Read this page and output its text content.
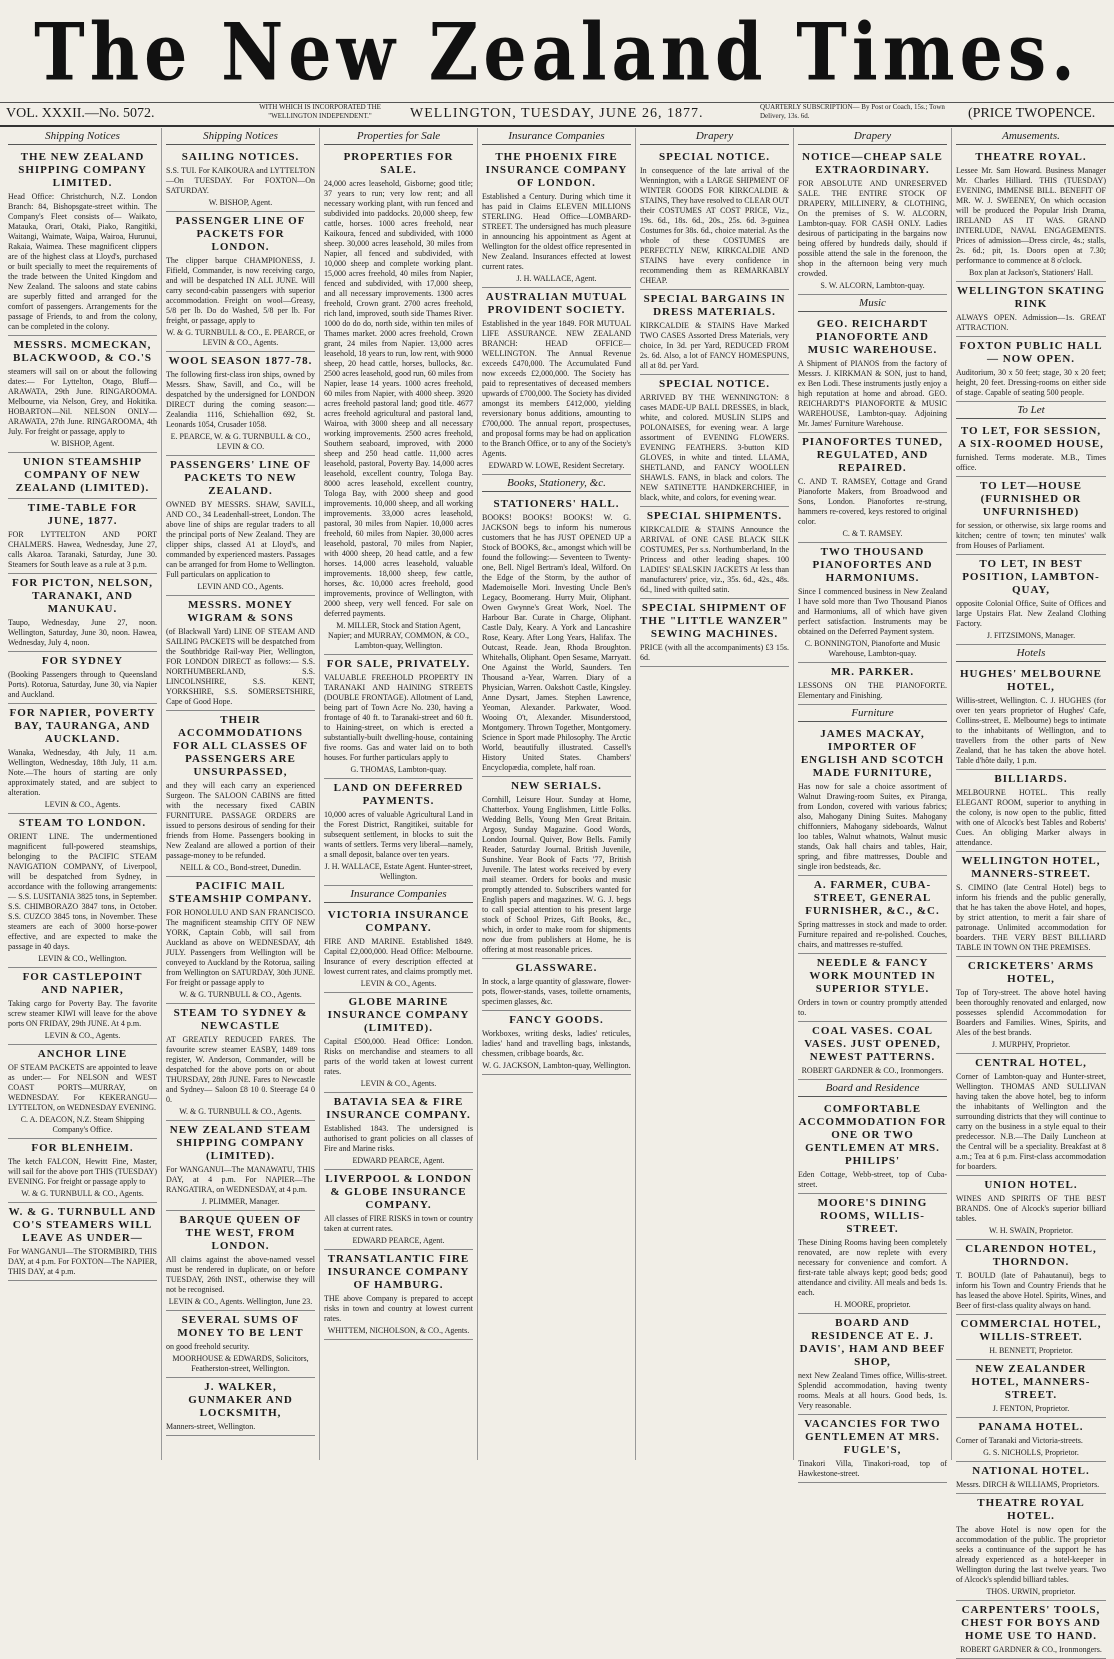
The New Zealand Times.
VOL. XXXII.—No. 5072.	WITH WHICH IS INCORPORATED THE "WELLINGTON INDEPENDENT."	WELLINGTON, TUESDAY, JUNE 26, 1877.	QUARTERLY SUBSCRIPTION— By Post or Coach, 15s.; Town Delivery, 13s. 6d.	(PRICE TWOPENCE.
Shipping Notices
THE NEW ZEALAND SHIPPING COMPANY LIMITED.
Head Office: Christchurch, N.Z. London Branch: 84, Bishopsgate-street within. The Company's Fleet consists of— Waikato, Matauka, Orari, Otaki, Piako, Rangitiki, Waitangi, Waimate, Waipa, Wairoa, Hurunui, Rakaia, Waimea. These magnificent clippers are of the highest class at Lloyd's, purchased or built specially to meet the requirements of the trade between the United Kingdom and New Zealand. The saloons and state cabins are superbly fitted and arranged for the comfort of passengers. Arrangements for the passage of Friends, to and from the colony, can be completed in the colony.
MESSRS. MCMECKAN, BLACKWOOD, & CO.'S
steamers will sail on or about the following dates:— For Lyttelton, Otago, Bluff—ARAWATA, 29th June. RINGAROOMA. Melbourne, via Nelson, Grey, and Hokitika. HOBARTON—Nil. NELSON ONLY— ARAWATA, 27th June. RINGAROOMA, 4th July. For freight or passage, apply to
W. BISHOP, Agent.
UNION STEAMSHIP COMPANY OF NEW ZEALAND (LIMITED).
TIME-TABLE FOR JUNE, 1877.
FOR LYTTELTON AND PORT CHALMERS. Hawea, Wednesday, June 27, calls Akaroa. Taranaki, Saturday, June 30. Steamers for South leave as a rule at 3 p.m.
FOR PICTON, NELSON, TARANAKI, AND MANUKAU.
Taupo, Wednesday, June 27, noon. Wellington, Saturday, June 30, noon. Hawea, Wednesday, July 4, noon.
FOR SYDNEY
(Booking Passengers through to Queensland Ports). Rotorua, Saturday, June 30, via Napier and Auckland.
FOR NAPIER, POVERTY BAY, TAURANGA, AND AUCKLAND.
Wanaka, Wednesday, 4th July, 11 a.m. Wellington, Wednesday, 18th July, 11 a.m. Note.—The hours of starting are only approximately stated, and are subject to alteration.
LEVIN & CO., Agents.
STEAM TO LONDON.
ORIENT LINE. The undermentioned magnificent full-powered steamships, belonging to the PACIFIC STEAM NAVIGATION COMPANY, of Liverpool, will be despatched from Sydney, in accordance with the following arrangements:— S.S. LUSITANIA 3825 tons, in September. S.S. CHIMBORAZO 3847 tons, in October. S.S. CUZCO 3845 tons, in November. These steamers are each of 3000 horse-power effective, and are expected to make the passage in 40 days.
LEVIN & CO., Wellington.
FOR CASTLEPOINT AND NAPIER,
Taking cargo for Poverty Bay. The favorite screw steamer KIWI will leave for the above ports ON FRIDAY, 29th JUNE. At 4 p.m.
LEVIN & CO., Agents.
ANCHOR LINE
OF STEAM PACKETS are appointed to leave as under:— For NELSON and WEST COAST PORTS—MURRAY, on WEDNESDAY. For KEKERANGU—LYTTELTON, on WEDNESDAY EVENING.
C. A. DEACON, N.Z. Steam Shipping Company's Office.
FOR BLENHEIM.
The ketch FALCON, Hewitt Fine, Master, will sail for the above port THIS (TUESDAY) EVENING. For freight or passage apply to
W. & G. TURNBULL & CO., Agents.
W. & G. TURNBULL AND CO'S STEAMERS WILL LEAVE AS UNDER—
For WANGANUI—The STORMBIRD, THIS DAY, at 4 p.m. For FOXTON—The NAPIER, THIS DAY, at 4 p.m.
Shipping Notices
SAILING NOTICES.
S.S. TUI. For KAIKOURA and LYTTELTON—On TUESDAY. For FOXTON—On SATURDAY.
W. BISHOP, Agent.
PASSENGER LINE OF PACKETS FOR LONDON.
The clipper barque CHAMPIONESS, J. Fifield, Commander, is now receiving cargo, and will be despatched IN ALL JUNE. Will carry second-cabin passengers with superior accommodation. Freight on wool—Greasy, 5/8 per lb. Do do Washed, 5/8 per lb. For freight, or passage, apply to
W. & G. TURNBULL & CO., E. PEARCE, or LEVIN & CO., Agents.
WOOL SEASON 1877-78.
The following first-class iron ships, owned by Messrs. Shaw, Savill, and Co., will be despatched by the undersigned for LONDON DIRECT during the coming season:— Zealandia 1116, Schiehallion 692, St. Leonards 1054, Crusader 1058.
E. PEARCE, W. & G. TURNBULL & CO., LEVIN & CO.
PASSENGERS' LINE OF PACKETS TO NEW ZEALAND.
OWNED BY MESSRS. SHAW, SAVILL, AND CO., 34 Leadenhall-street, London. The above line of ships are regular traders to all the principal ports of New Zealand. They are clipper ships, classed A1 at Lloyd's, and commanded by experienced masters. Passages can be arranged for from Home to Wellington. Full particulars on application to
LEVIN AND CO., Agents.
MESSRS. MONEY WIGRAM & SONS
(of Blackwall Yard) LINE OF STEAM AND SAILING PACKETS will be despatched from the Southbridge Rail-way Pier, Wellington, FOR LONDON DIRECT as follows:— S.S. NORTHUMBERLAND, S.S. LINCOLNSHIRE, S.S. KENT, YORKSHIRE, S.S. SOMERSETSHIRE, Cape of Good Hope.
THEIR ACCOMMODATIONS FOR ALL CLASSES OF PASSENGERS ARE UNSURPASSED,
and they will each carry an experienced Surgeon. The SALOON CABINS are fitted with the necessary fixed CABIN FURNITURE. PASSAGE ORDERS are issued to persons desirous of sending for their friends from Home. Passengers booking in New Zealand are allowed a portion of their passage-money to be refunded.
NEILL & CO., Bond-street, Dunedin.
PACIFIC MAIL STEAMSHIP COMPANY.
FOR HONOLULU AND SAN FRANCISCO. The magnificent steamship CITY OF NEW YORK, Captain Cobb, will sail from Auckland as above on WEDNESDAY, 4th JULY. Passengers from Wellington will be conveyed to Auckland by the Rotorua, sailing from Wellington on SATURDAY, 30th JUNE. For freight or passage apply to
W. & G. TURNBULL & CO., Agents.
STEAM TO SYDNEY & NEWCASTLE
AT GREATLY REDUCED FARES. The favourite screw steamer EASBY, 1489 tons register, W. Anderson, Commander, will be despatched for the above ports on or about THURSDAY, 28th JUNE. Fares to Newcastle and Sydney— Saloon £8 10 0. Steerage £4 0 0.
W. & G. TURNBULL & CO., Agents.
NEW ZEALAND STEAM SHIPPING COMPANY (LIMITED).
For WANGANUI—The MANAWATU, THIS DAY, at 4 p.m. For NAPIER—The RANGATIRA, on WEDNESDAY, at 4 p.m.
J. PLIMMER, Manager.
BARQUE QUEEN OF THE WEST, FROM LONDON.
All claims against the above-named vessel must be rendered in duplicate, on or before TUESDAY, 26th INST., otherwise they will not be recognised.
LEVIN & CO., Agents. Wellington, June 23.
SEVERAL SUMS OF MONEY TO BE LENT
on good freehold security.
MOORHOUSE & EDWARDS, Solicitors, Featherston-street, Wellington.
J. WALKER, GUNMAKER AND LOCKSMITH,
Manners-street, Wellington.
Properties for Sale
PROPERTIES FOR SALE.
24,000 acres leasehold, Gisborne; good title; 37 years to run; very low rent; and all necessary working plant, with run fenced and subdivided into paddocks. 20,000 sheep, few cattle, horses. 1000 acres freehold, near Kaikoura, fenced and subdivided, with 1000 sheep. 30,000 acres leasehold, 30 miles from Napier, all fenced and subdivided, with 10,000 sheep and complete working plant. 15,000 acres freehold, 40 miles from Napier, fenced and subdivided, with 17,000 sheep, and all necessary improvements. 1300 acres freehold, Crown grant. 2700 acres freehold, rich land, improved, south side Thames River. 1000 do do do, north side, within ten miles of Thames market. 2000 acres freehold, Crown grant, 24 miles from Napier. 13,000 acres leasehold, 18 years to run, low rent, with 9000 sheep, 20 head cattle, horses, bullocks, &c. 2500 acres leasehold, good run, 60 miles from Napier, lease 14 years. 1000 acres freehold, 60 miles from Napier, with 4000 sheep. 3920 acres freehold pastoral land; good title. 4677 acres freehold agricultural and pastoral land, Wairoa, with 3000 sheep and all necessary working improvements. 2500 acres freehold, Southern seaboard, improved, with 2000 sheep and 250 head cattle. 11,000 acres leasehold, pastoral, Poverty Bay. 14,000 acres leasehold, excellent country, Tologa Bay. 8000 acres leasehold, excellent country, Tologa Bay, with 2000 sheep and good improvements. 10,000 sheep, and all working improvements. 33,000 acres leasehold, pastoral, 30 miles from Napier. 10,000 acres freehold, 60 miles from Napier. 30,000 acres leasehold, pastoral, 70 miles from Napier, with 4000 sheep, 20 head cattle, and a few horses. 14,000 acres leasehold, valuable improvements. 18,000 sheep, few cattle, horses, &c. 10,000 acres freehold, good improvements, province of Wellington, with 2000 sheep, very well fenced. For sale on deferred payments.
M. MILLER, Stock and Station Agent, Napier; and MURRAY, COMMON, & CO., Lambton-quay, Wellington.
FOR SALE, PRIVATELY.
VALUABLE FREEHOLD PROPERTY IN TARANAKI AND HAINING STREETS (DOUBLE FRONTAGE). Allotment of Land, being part of Town Acre No. 230, having a frontage of 40 ft. to Taranaki-street and 60 ft. to Haining-street, on which is erected a substantially-built dwelling-house, containing five rooms. Gas and water laid on to both houses. For further particulars apply to
G. THOMAS, Lambton-quay.
LAND ON DEFERRED PAYMENTS.
10,000 acres of valuable Agricultural Land in the Forest District, Rangitikei, suitable for subsequent settlement, in blocks to suit the wants of settlers. Terms very liberal—namely, a small deposit, balance over ten years.
J. H. WALLACE, Estate Agent. Hunter-street, Wellington.
Insurance Companies
VICTORIA INSURANCE COMPANY.
FIRE AND MARINE. Established 1849. Capital £2,000,000. Head Office: Melbourne. Insurance of every description effected at lowest current rates, and claims promptly met.
LEVIN & CO., Agents.
GLOBE MARINE INSURANCE COMPANY (LIMITED).
Capital £500,000. Head Office: London. Risks on merchandise and steamers to all parts of the world taken at lowest current rates.
LEVIN & CO., Agents.
BATAVIA SEA & FIRE INSURANCE COMPANY.
Established 1843. The undersigned is authorised to grant policies on all classes of Fire and Marine risks.
EDWARD PEARCE, Agent.
LIVERPOOL & LONDON & GLOBE INSURANCE COMPANY.
All classes of FIRE RISKS in town or country taken at current rates.
EDWARD PEARCE, Agent.
TRANSATLANTIC FIRE INSURANCE COMPANY OF HAMBURG.
THE above Company is prepared to accept risks in town and country at lowest current rates.
WHITTEM, NICHOLSON, & CO., Agents.
Insurance Companies
THE PHOENIX FIRE INSURANCE COMPANY OF LONDON.
Established a Century. During which time it has paid in Claims ELEVEN MILLIONS STERLING. Head Office—LOMBARD-STREET. The undersigned has much pleasure in announcing his appointment as Agent at Wellington for the oldest office represented in New Zealand. Insurances effected at lowest current rates.
J. H. WALLACE, Agent.
AUSTRALIAN MUTUAL PROVIDENT SOCIETY.
Established in the year 1849. FOR MUTUAL LIFE ASSURANCE. NEW ZEALAND BRANCH: HEAD OFFICE—WELLINGTON. The Annual Revenue exceeds £470,000. The Accumulated Fund now exceeds £2,000,000. The Society has paid to representatives of deceased members upwards of £700,000. The Society has divided amongst its members £412,000, yielding reversionary bonus additions, amounting to £700,000. The annual report, prospectuses, and proposal forms may be had on application to the Branch Office, or to any of the Society's Agents.
EDWARD W. LOWE, Resident Secretary.
Books, Stationery, &c.
STATIONERS' HALL.
BOOKS! BOOKS! BOOKS! W. G. JACKSON begs to inform his numerous customers that he has JUST OPENED UP a Stock of BOOKS, &c., amongst which will be found the following:— Seventeen to Twenty-one, Bell. Nigel Bertram's Ideal, Wilford. On the Edge of the Storm, by the author of Mademoiselle Mori. Investing Uncle Ben's Legacy, Boomerang. Hurry Muir, Oliphant. Owen Gwynne's Great Work, Noel. The Harbour Bar. Curate in Charge, Oliphant. Castle Daly, Keary. A York and Lancashire Rose, Keary. After Long Years, Halifax. The Outcast, Reade. Jean, Rhoda Broughton. Whitehalls, Oliphant. Open Sesame, Marryatt. One Against the World, Saunders. Ten Thousand a-Year, Warren. Diary of a Physician, Warren. Oakshott Castle, Kingsley. Anne Dysart, James. Stephen Lawrence, Yeoman, Alexander. Parkwater, Wood. Wooing O't, Alexander. Misunderstood, Montgomery. Thrown Together, Montgomery. Science in Sport made Philosophy. The Arctic World, beautifully illustrated. Cassell's History United States. Chambers' Encyclopædia, complete, half roan.
NEW SERIALS.
Cornhill, Leisure Hour. Sunday at Home, Chatterbox. Young Englishmen, Little Folks. Wedding Bells, Young Men Great Britain. Argosy, Sunday Magazine. Good Words, London Journal. Quiver, Bow Bells. Family Reader, Saturday Journal. British Juvenile, Sunshine. Year Book of Facts '77, British Juvenile. The latest works received by every mail steamer. Orders for books and music promptly attended to. Subscribers wanted for English papers and magazines. W. G. J. begs to call special attention to his present large stock of School Prizes, Gift Books, &c., which, in order to make room for shipments now due from publishers at Home, he is offering at most reasonable prices.
GLASSWARE.
In stock, a large quantity of glassware, flower-pots, flower-stands, vases, toilette ornaments, specimen glasses, &c.
FANCY GOODS.
Workboxes, writing desks, ladies' reticules, ladies' hand and travelling bags, inkstands, chessmen, cribbage boards, &c.
W. G. JACKSON, Lambton-quay, Wellington.
Drapery
SPECIAL NOTICE.
In consequence of the late arrival of the Wennington, with a LARGE SHIPMENT OF WINTER GOODS FOR KIRKCALDIE & STAINS, They have resolved to CLEAR OUT their COSTUMES AT COST PRICE, Viz., 19s. 6d., 18s. 6d., 20s., 25s. 6d. 3-guinea Costumes for 38s. 6d., choice material. As the whole of these COSTUMES are PERFECTLY NEW, KIRKCALDIE AND STAINS have every confidence in recommending them as REMARKABLY CHEAP.
SPECIAL BARGAINS IN DRESS MATERIALS.
KIRKCALDIE & STAINS Have Marked TWO CASES Assorted Dress Materials, very choice, In 3d. per Yard, REDUCED FROM 2s. 6d. Also, a lot of FANCY HOMESPUNS, all at 8d. per Yard.
SPECIAL NOTICE.
ARRIVED BY THE WENNINGTON: 8 cases MADE-UP BALL DRESSES, in black, white, and colored. MUSLIN SLIPS and POLONAISES, for evening wear. A large assortment of EVENING FLOWERS. EVENING FEATHERS. 3-button KID GLOVES, in white and tinted. LLAMA, SHETLAND, and FANCY WOOLLEN SHAWLS. FANS, in black and colors. The NEW SATINETTE HANDKERCHIEF, in black, white, and colors, for evening wear.
SPECIAL SHIPMENTS.
KIRKCALDIE & STAINS Announce the ARRIVAL of ONE CASE BLACK SILK COSTUMES, Per s.s. Northumberland, In the Princess and other leading shapes. 100 LADIES' SEALSKIN JACKETS At less than manufacturers' price, viz., 35s. 6d., 42s., 48s. 6d., lined with quilted satin.
SPECIAL SHIPMENT OF THE "LITTLE WANZER" SEWING MACHINES.
PRICE (with all the accompaniments) £3 15s. 6d.
Drapery
NOTICE—CHEAP SALE EXTRAORDINARY.
FOR ABSOLUTE AND UNRESERVED SALE. THE ENTIRE STOCK OF DRAPERY, MILLINERY, & CLOTHING, On the premises of S. W. ALCORN, Lambton-quay. FOR CASH ONLY. Ladies desirous of participating in the bargains now being offered by hundreds daily, should if possible attend the sale in the forenoon, the shop in the afternoon being very much crowded.
S. W. ALCORN, Lambton-quay.
Music
GEO. REICHARDT PIANOFORTE AND MUSIC WAREHOUSE.
A Shipment of PIANOS from the factory of Messrs. J. KIRKMAN & SON, just to hand, ex Ben Lodi. These instruments justly enjoy a high reputation at home and abroad. GEO. REICHARDT'S PIANOFORTE & MUSIC WAREHOUSE, Lambton-quay. Adjoining Mr. James' Furniture Warehouse.
PIANOFORTES TUNED, REGULATED, AND REPAIRED.
C. AND T. RAMSEY, Cottage and Grand Pianoforte Makers, from Broadwood and Sons, London. Pianofortes re-strung, hammers re-covered, keys restored to original color.
C. & T. RAMSEY.
TWO THOUSAND PIANOFORTES AND HARMONIUMS.
Since I commenced business in New Zealand I have sold more than Two Thousand Pianos and Harmoniums, all of which have given perfect satisfaction. Instruments may be obtained on the Deferred Payment system.
C. BONNINGTON, Pianoforte and Music Warehouse, Lambton-quay.
MR. PARKER.
LESSONS ON THE PIANOFORTE. Elementary and Finishing.
Furniture
JAMES MACKAY, IMPORTER OF ENGLISH AND SCOTCH MADE FURNITURE,
Has now for sale a choice assortment of Walnut Drawing-room Suites, ex Piranga, from London, covered with various fabrics; also, Mahogany Dining Suites. Mahogany chiffonniers, Mahogany sideboards, Walnut loo tables, Walnut whatnots, Walnut music stands, Oak hall chairs and tables, Hair, spring, and fibre mattresses, Double and single iron bedsteads, &c.
A. FARMER, CUBA-STREET, GENERAL FURNISHER, &C., &C.
Spring mattresses in stock and made to order. Furniture repaired and re-polished. Couches, chairs, and mattresses re-stuffed.
NEEDLE & FANCY WORK MOUNTED IN SUPERIOR STYLE.
Orders in town or country promptly attended to.
COAL VASES. COAL VASES. JUST OPENED, NEWEST PATTERNS.
ROBERT GARDNER & CO., Ironmongers.
Board and Residence
COMFORTABLE ACCOMMODATION FOR ONE OR TWO GENTLEMEN AT MRS. PHILIPS'
Eden Cottage, Webb-street, top of Cuba-street.
MOORE'S DINING ROOMS, WILLIS-STREET.
These Dining Rooms having been completely renovated, are now replete with every necessary for convenience and comfort. A first-rate table always kept; good beds; good attendance and civility. All meals and beds 1s. each.
H. MOORE, proprietor.
BOARD AND RESIDENCE AT E. J. DAVIS', HAM AND BEEF SHOP,
next New Zealand Times office, Willis-street. Splendid accommodation, having twenty rooms. Meals at all hours. Good beds, 1s. Very reasonable.
VACANCIES FOR TWO GENTLEMEN AT MRS. FUGLE'S,
Tinakori Villa, Tinakori-road, top of Hawkestone-street.
Amusements.
THEATRE ROYAL.
Lessee Mr. Sam Howard. Business Manager Mr. Charles Hilliard. THIS (TUESDAY) EVENING, IMMENSE BILL. BENEFIT OF MR. W. J. SWEENEY, On which occasion will be produced the Popular Irish Drama, IRELAND AS IT WAS. GRAND INTERLUDE, NAVAL ENGAGEMENTS. Prices of admission—Dress circle, 4s.; stalls, 2s. 6d.; pit, 1s. Doors open at 7.30; performance to commence at 8 o'clock.
Box plan at Jackson's, Stationers' Hall.
WELLINGTON SKATING RINK
ALWAYS OPEN. Admission—1s. GREAT ATTRACTION.
FOXTON PUBLIC HALL — NOW OPEN.
Auditorium, 30 x 50 feet; stage, 30 x 20 feet; height, 20 feet. Dressing-rooms on either side of stage. Capable of seating 500 people.
To Let
TO LET, FOR SESSION, A SIX-ROOMED HOUSE,
furnished. Terms moderate. M.B., Times office.
TO LET—HOUSE (FURNISHED OR UNFURNISHED)
for session, or otherwise, six large rooms and kitchen; centre of town; ten minutes' walk from Houses of Parliament.
TO LET, IN BEST POSITION, LAMBTON-QUAY,
opposite Colonial Office, Suite of Offices and large Upstairs Flat. New Zealand Clothing Factory.
J. FITZSIMONS, Manager.
Hotels
HUGHES' MELBOURNE HOTEL,
Willis-street, Wellington. C. J. HUGHES (for over ten years proprietor of Hughes' Cafe, Collins-street, E. Melbourne) begs to intimate to the inhabitants of Wellington, and to travellers from the other parts of New Zealand, that he has taken the above hotel. Table d'hôte daily, 1 p.m.
BILLIARDS.
MELBOURNE HOTEL. This really ELEGANT ROOM, superior to anything in the colony, is now open to the public, fitted with one of Alcock's best Tables and Roberts' Cues. An obliging Marker always in attendance.
WELLINGTON HOTEL, MANNERS-STREET.
S. CIMINO (late Central Hotel) begs to inform his friends and the public generally, that he has taken the above Hotel, and hopes, by strict attention, to merit a fair share of patronage. Unlimited accommodation for boarders. THE VERY BEST BILLIARD TABLE IN TOWN ON THE PREMISES.
CRICKETERS' ARMS HOTEL,
Top of Tory-street. The above hotel having been thoroughly renovated and enlarged, now possesses splendid Accommodation for Boarders and Families. Wines, Spirits, and Ales of the best brands.
J. MURPHY, Proprietor.
CENTRAL HOTEL,
Corner of Lambton-quay and Hunter-street, Wellington. THOMAS AND SULLIVAN having taken the above hotel, beg to inform the inhabitants of Wellington and the surrounding districts that they will continue to carry on the business in a style equal to their predecessor. N.B.—The Daily Luncheon at the Central will be a speciality. Breakfast at 8 a.m.; Tea at 6 p.m. First-class accommodation for boarders.
UNION HOTEL.
WINES AND SPIRITS OF THE BEST BRANDS. One of Alcock's superior billiard tables.
W. H. SWAIN, Proprietor.
CLARENDON HOTEL, THORNDON.
T. BOULD (late of Pahautanui), begs to inform his Town and Country Friends that he has leased the above Hotel. Spirits, Wines, and Beer of first-class quality always on hand.
COMMERCIAL HOTEL, WILLIS-STREET.
H. BENNETT, Proprietor.
NEW ZEALANDER HOTEL, MANNERS-STREET.
J. FENTON, Proprietor.
PANAMA HOTEL.
Corner of Taranaki and Victoria-streets.
G. S. NICHOLLS, Proprietor.
NATIONAL HOTEL.
Messrs. DIRCH & WILLIAMS, Proprietors.
THEATRE ROYAL HOTEL.
The above Hotel is now open for the accommodation of the public. The proprietor seeks a continuance of the support he has already experienced as a hotel-keeper in Wellington during the last twelve years. Two of Alcock's splendid billiard tables.
THOS. URWIN, proprietor.
CARPENTERS' TOOLS, CHEST FOR BOYS AND HOME USE TO HAND.
ROBERT GARDNER & CO., Ironmongers.
